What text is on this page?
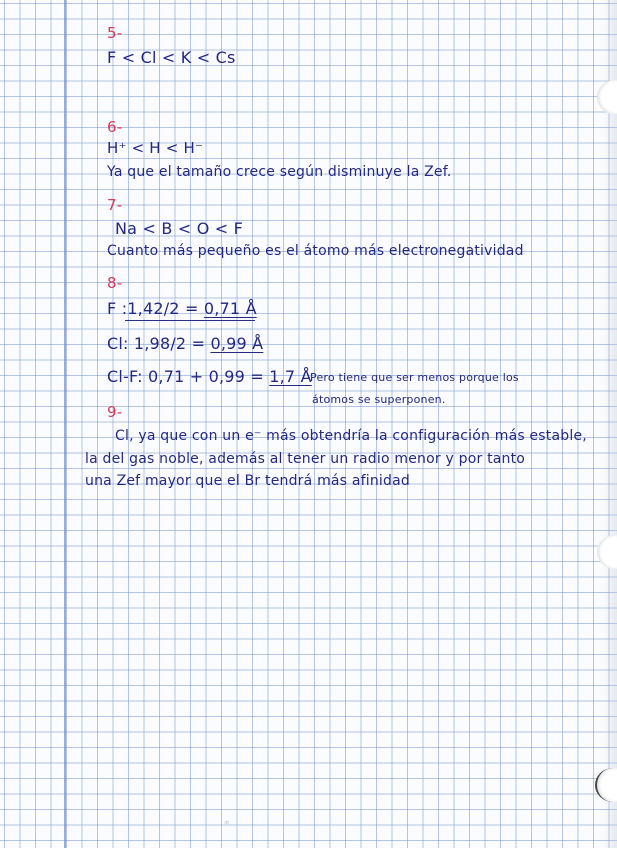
5-
F < Cl < K < Cs
6-
H⁺ < H < H⁻
Ya que el tamaño crece según disminuye la Zef.
7-
Na < B < O < F
Cuanto más pequeño es el átomo más electronegatividad
8-
F :1,42/2 = 0,71 Å
Cl: 1,98/2 = 0,99 Å
Cl-F: 0,71 + 0,99 = 1,7 Å
Pero tiene que ser menos porque los
átomos se superponen.
9-
Cl, ya que con un e⁻ más obtendría la configuración más estable,
la del gas noble, además al tener un radio menor y por tanto
una Zef mayor que el Br tendrá más afinidad
*
